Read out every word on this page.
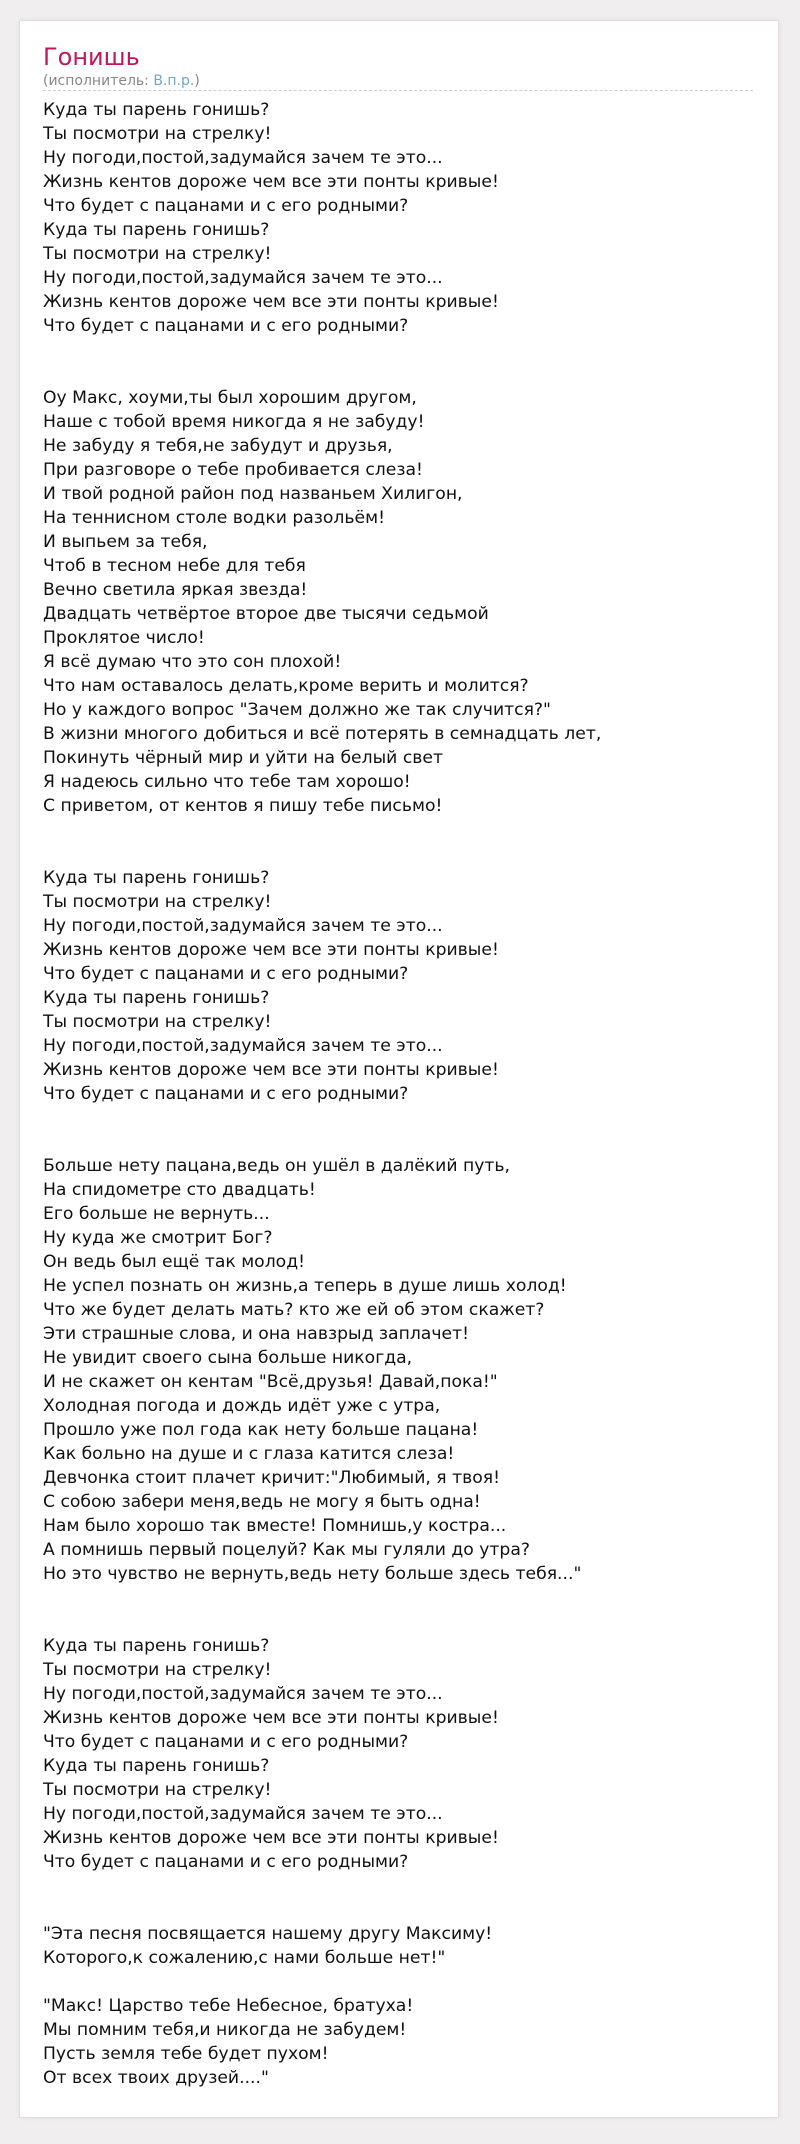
Гонишь
(исполнитель: В.п.р.)
Куда ты парень гонишь?
Ты посмотри на стрелку!
Ну погоди,постой,задумайся зачем те это...
Жизнь кентов дороже чем все эти понты кривые!
Что будет с пацанами и с его родными?
Куда ты парень гонишь?
Ты посмотри на стрелку!
Ну погоди,постой,задумайся зачем те это...
Жизнь кентов дороже чем все эти понты кривые!
Что будет с пацанами и с его родными?
Оу Макс, хоуми,ты был хорошим другом,
Наше с тобой время никогда я не забуду!
Не забуду я тебя,не забудут и друзья,
При разговоре о тебе пробивается слеза!
И твой родной район под названьем Хилигон,
На теннисном столе водки разольём!
И выпьем за тебя,
Чтоб в тесном небе для тебя
Вечно светила яркая звезда!
Двадцать четвёртое второе две тысячи седьмой
Проклятое число!
Я всё думаю что это сон плохой!
Что нам оставалось делать,кроме верить и молится?
Но у каждого вопрос "Зачем должно же так случится?"
В жизни многого добиться и всё потерять в семнадцать лет,
Покинуть чёрный мир и уйти на белый свет
Я надеюсь сильно что тебе там хорошо!
С приветом, от кентов я пишу тебе письмо!
Куда ты парень гонишь?
Ты посмотри на стрелку!
Ну погоди,постой,задумайся зачем те это...
Жизнь кентов дороже чем все эти понты кривые!
Что будет с пацанами и с его родными?
Куда ты парень гонишь?
Ты посмотри на стрелку!
Ну погоди,постой,задумайся зачем те это...
Жизнь кентов дороже чем все эти понты кривые!
Что будет с пацанами и с его родными?
Больше нету пацана,ведь он ушёл в далёкий путь,
На спидометре сто двадцать!
Его больше не вернуть...
Ну куда же смотрит Бог?
Он ведь был ещё так молод!
Не успел познать он жизнь,а теперь в душе лишь холод!
Что же будет делать мать? кто же ей об этом скажет?
Эти страшные слова, и она навзрыд заплачет!
Не увидит своего сына больше никогда,
И не скажет он кентам "Всё,друзья! Давай,пока!"
Холодная погода и дождь идёт уже с утра,
Прошло уже пол года как нету больше пацана!
Как больно на душе и с глаза катится слеза!
Девчонка стоит плачет кричит:"Любимый, я твоя!
С собою забери меня,ведь не могу я быть одна!
Нам было хорошо так вместе! Помнишь,у костра...
А помнишь первый поцелуй? Как мы гуляли до утра?
Но это чувство не вернуть,ведь нету больше здесь тебя..."
Куда ты парень гонишь?
Ты посмотри на стрелку!
Ну погоди,постой,задумайся зачем те это...
Жизнь кентов дороже чем все эти понты кривые!
Что будет с пацанами и с его родными?
Куда ты парень гонишь?
Ты посмотри на стрелку!
Ну погоди,постой,задумайся зачем те это...
Жизнь кентов дороже чем все эти понты кривые!
Что будет с пацанами и с его родными?
"Эта песня посвящается нашему другу Максиму!
Которого,к сожалению,с нами больше нет!"
"Макс! Царство тебе Небесное, братуха!
Мы помним тебя,и никогда не забудем!
Пусть земля тебе будет пухом!
От всех твоих друзей...."
